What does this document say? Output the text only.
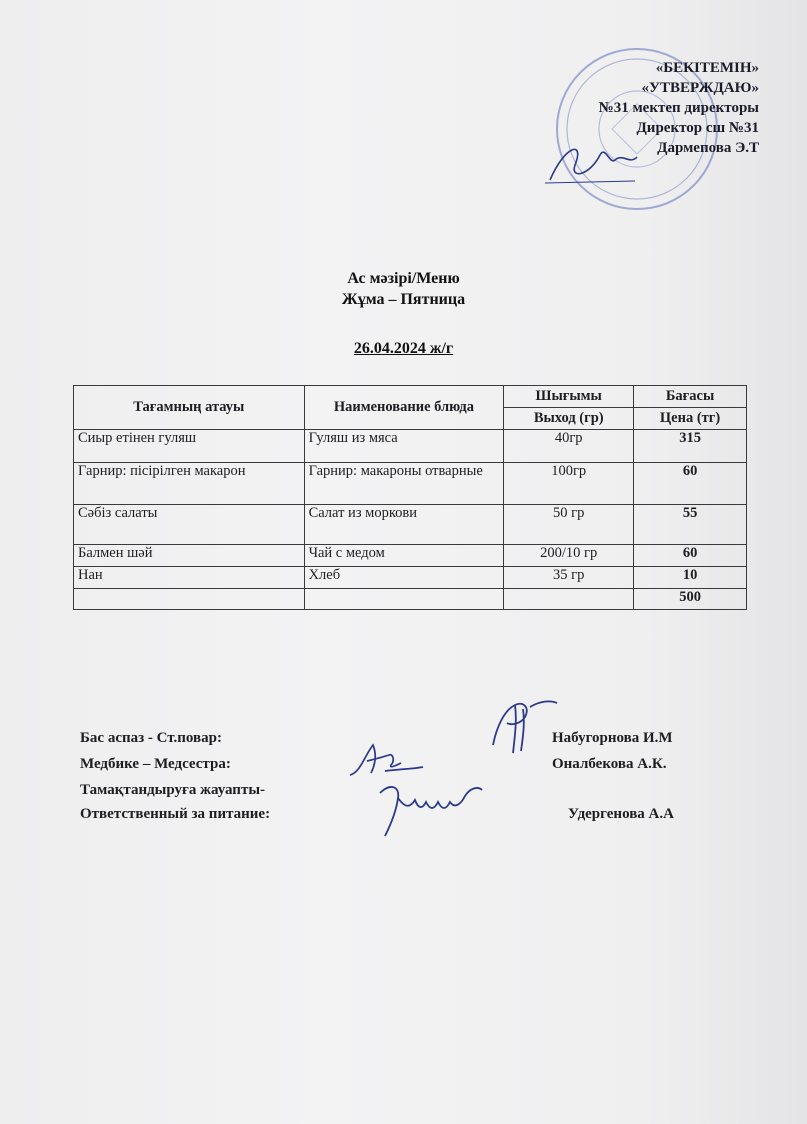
«БЕКІТЕМІН»
«УТВЕРЖДАЮ»
№31 мектеп директоры
Директор сш №31
Дармепова Э.Т
Ас мәзірі/Меню
Жұма – Пятница
26.04.2024 ж/г
Тағамның атауы	Наименование блюда	Шығымы	Бағасы
		Выход (гр)	Цена (тг)
Сиыр етінен гуляш	Гуляш из мяса	40гр	315
Гарнир: пісірілген макарон	Гарнир: макароны отварные	100гр	60
Сәбіз салаты	Салат из моркови	50 гр	55
Балмен шәй	Чай с медом	200/10 гр	60
Нан	Хлеб	35 гр	10
			500
Бас аспаз - Ст.повар:	Набугорнова И.М
Медбике – Медсестра:	Оналбекова А.К.
Тамақтандыруға жауапты-
Ответственный за питание:	Удергенова А.А
